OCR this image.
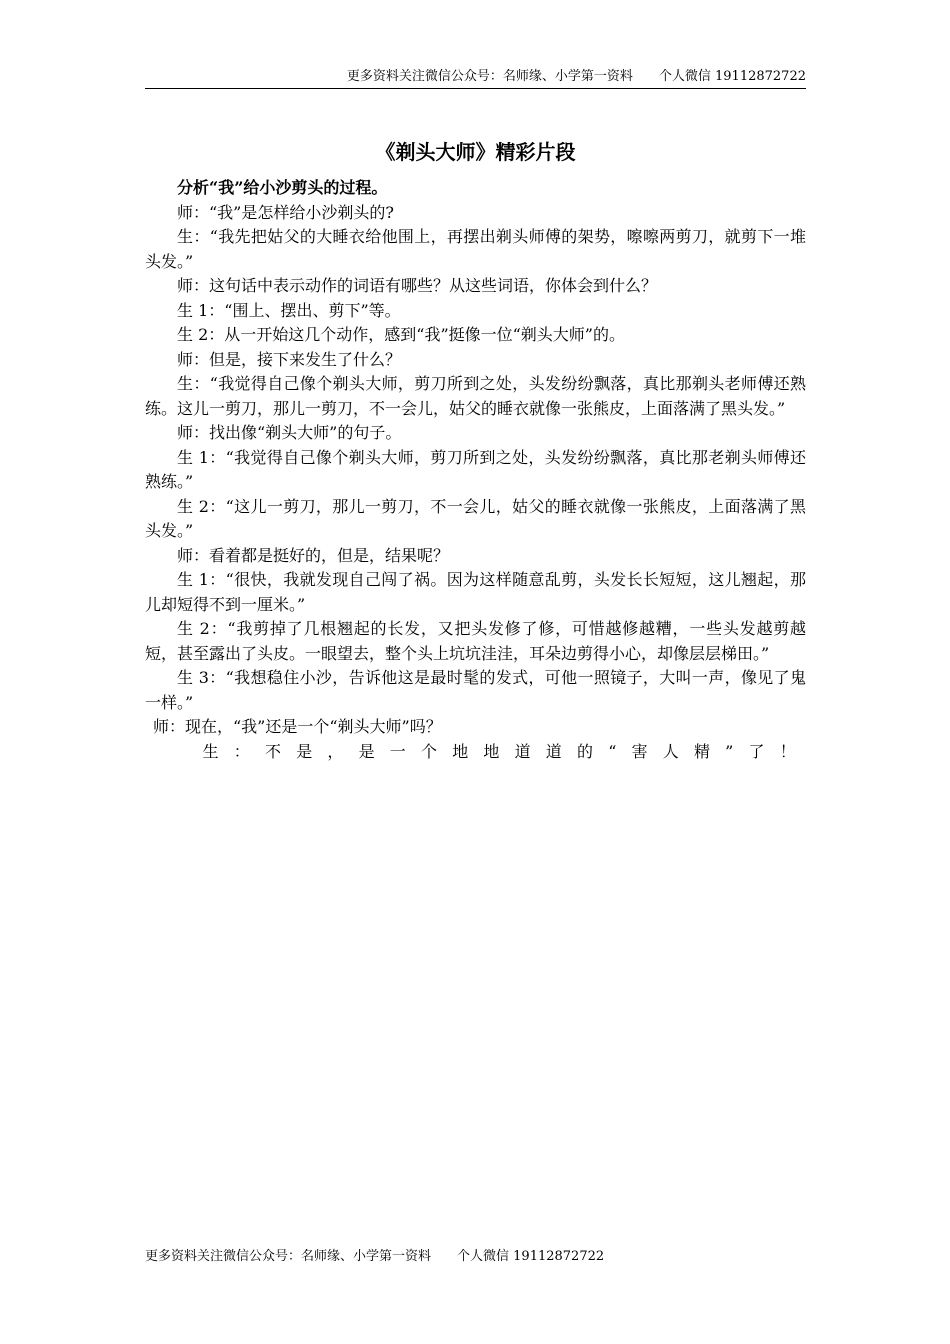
更多资料关注微信公众号：名师缘、小学第一资料 个人微信 19112872722
《剃头大师》精彩片段

分析“我”给小沙剪头的过程。

师：“我”是怎样给小沙剃头的?

生：“我先把姑父的大睡衣给他围上，再摆出剃头师傅的架势，嚓嚓两剪刀，就剪下一堆头发。”

师：这句话中表示动作的词语有哪些？从这些词语，你体会到什么？

生 1：“围上、摆出、剪下”等。

生 2：从一开始这几个动作，感到“我”挺像一位“剃头大师”的。

师：但是，接下来发生了什么？

生：“我觉得自己像个剃头大师，剪刀所到之处，头发纷纷飘落，真比那剃头老师傅还熟练。这儿一剪刀，那儿一剪刀，不一会儿，姑父的睡衣就像一张熊皮，上面落满了黑头发。”

师：找出像“剃头大师”的句子。

生 1：“我觉得自己像个剃头大师，剪刀所到之处，头发纷纷飘落，真比那老剃头师傅还熟练。”

生 2：“这儿一剪刀，那儿一剪刀，不一会儿，姑父的睡衣就像一张熊皮，上面落满了黑头发。”

师：看着都是挺好的，但是，结果呢？

生 1：“很快，我就发现自己闯了祸。因为这样随意乱剪，头发长长短短，这儿翘起，那儿却短得不到一厘米。”

生 2：“我剪掉了几根翘起的长发，又把头发修了修，可惜越修越糟，一些头发越剪越短，甚至露出了头皮。一眼望去，整个头上坑坑洼洼，耳朵边剪得小心，却像层层梯田。”

生 3：“我想稳住小沙，告诉他这是最时髦的发式，可他一照镜子，大叫一声，像见了鬼一样。”

师：现在，“我”还是一个“剃头大师”吗？

生：不是，是一个地地道道的“害人精”了！

更多资料关注微信公众号：名师缘、小学第一资料 个人微信 19112872722
